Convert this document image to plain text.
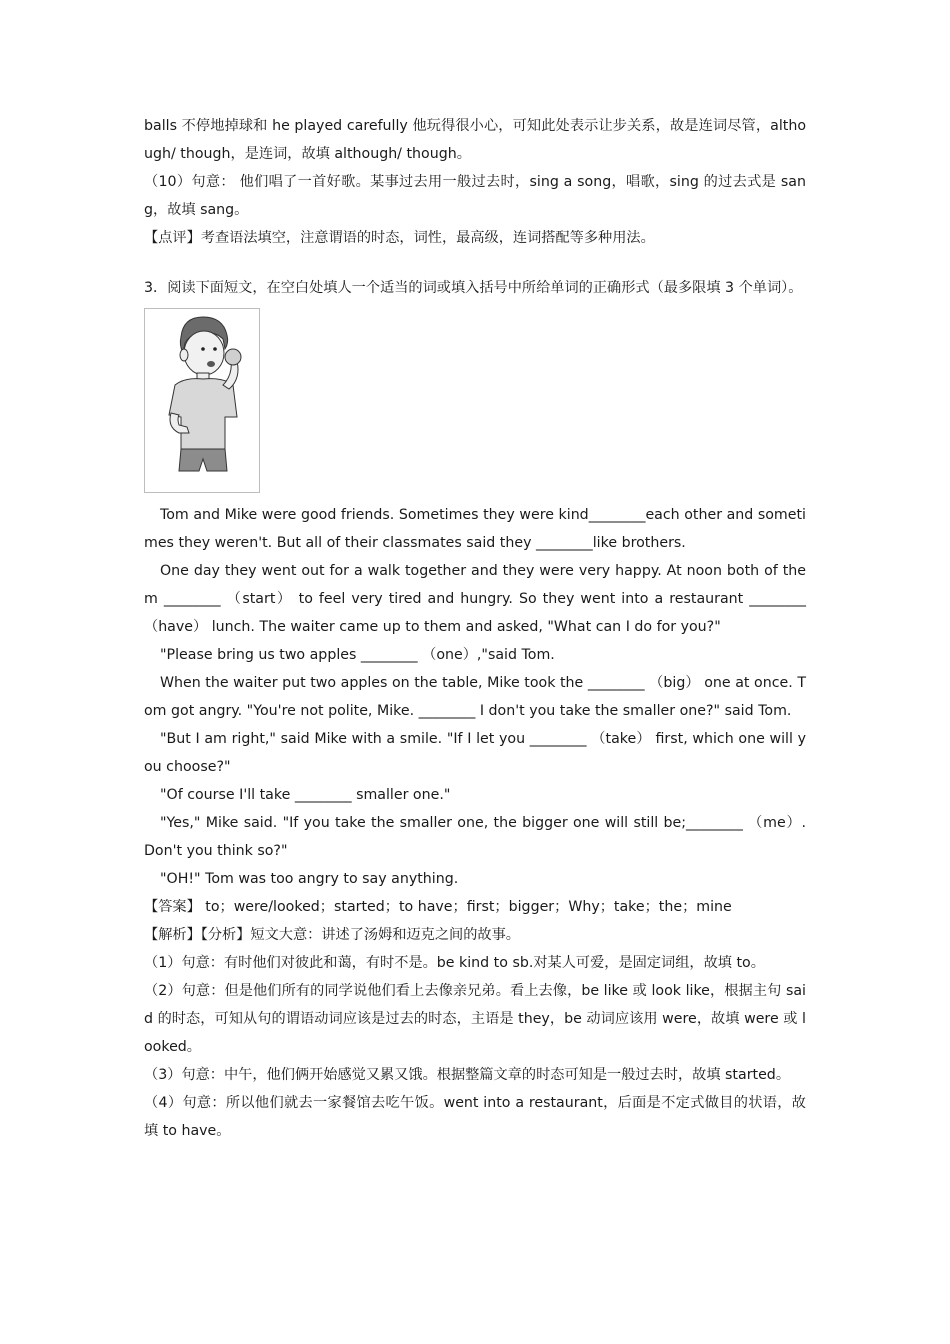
balls 不停地掉球和 he played carefully 他玩得很小心，可知此处表示让步关系，故是连词尽管，although/ though，是连词，故填 although/ though。

（10）句意： 他们唱了一首好歌。某事过去用一般过去时，sing a song，唱歌，sing 的过去式是 sang，故填 sang。

【点评】考查语法填空，注意谓语的时态，词性，最高级，连词搭配等多种用法。

3．阅读下面短文，在空白处填人一个适当的词或填入括号中所给单词的正确形式（最多限填 3 个单词）。

Tom and Mike were good friends. Sometimes they were kind________each other and sometimes they weren't. But all of their classmates said they ________like brothers.

One day they went out for a walk together and they were very happy. At noon both of them ________ （start） to feel very tired and hungry. So they went into a restaurant ________ （have） lunch. The waiter came up to them and asked, "What can I do for you?"

"Please bring us two apples ________ （one）,"said Tom.

When the waiter put two apples on the table, Mike took the ________ （big） one at once. Tom got angry. "You're not polite, Mike. ________ I don't you take the smaller one?" said Tom.

"But I am right," said Mike with a smile. "If I let you ________ （take） first, which one will you choose?"

"Of course I'll take ________ smaller one."

"Yes," Mike said. "If you take the smaller one, the bigger one will still be;________ （me）. Don't you think so?"

"OH!" Tom was too angry to say anything.

【答案】 to；were/looked；started；to have；first；bigger；Why；take；the；mine

【解析】【分析】短文大意：讲述了汤姆和迈克之间的故事。

（1）句意：有时他们对彼此和蔼，有时不是。be kind to sb.对某人可爱，是固定词组，故填 to。

（2）句意：但是他们所有的同学说他们看上去像亲兄弟。看上去像，be like 或 look like，根据主句 said 的时态，可知从句的谓语动词应该是过去的时态，主语是 they，be 动词应该用 were，故填 were 或 looked。

（3）句意：中午，他们俩开始感觉又累又饿。根据整篇文章的时态可知是一般过去时，故填 started。

（4）句意：所以他们就去一家餐馆去吃午饭。went into a restaurant，后面是不定式做目的状语，故填 to have。
